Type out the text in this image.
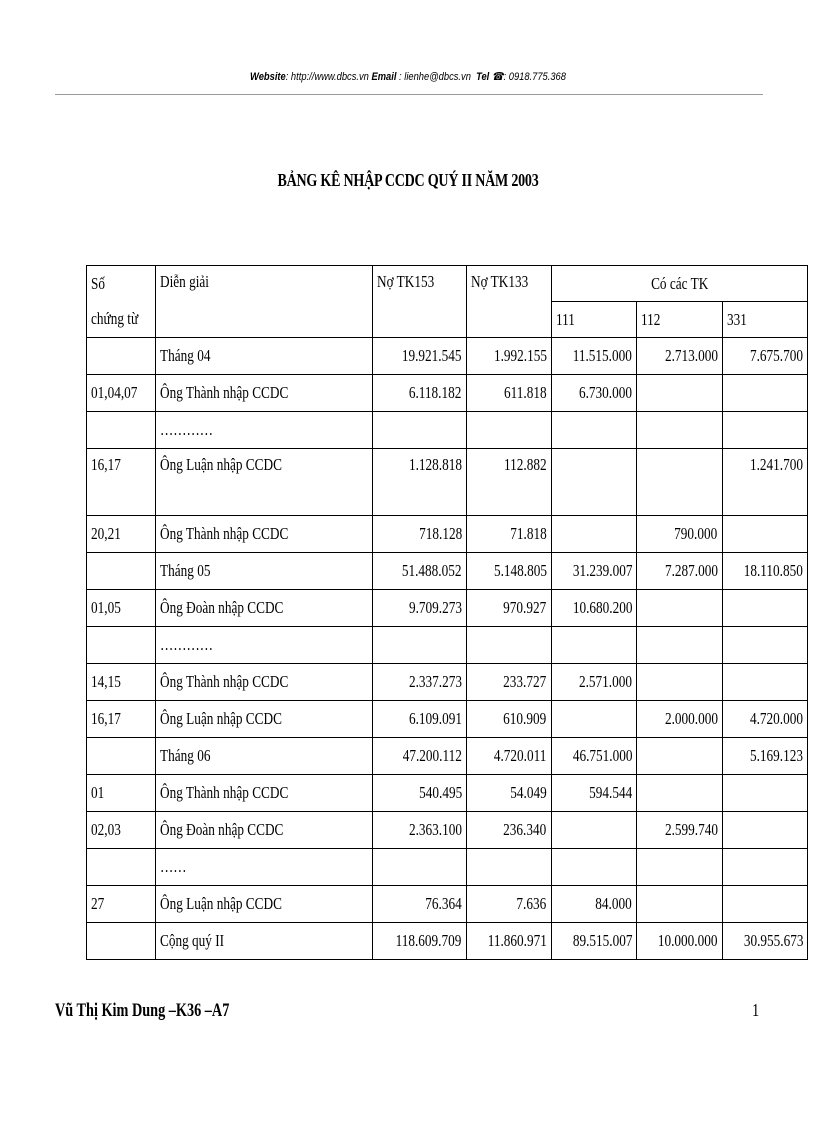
Website: http://www.dbcs.vn Email : lienhe@dbcs.vn Tel ☎: 0918.775.368
BẢNG KÊ NHẬP CCDC QUÝ II NĂM 2003
Số	Diễn giải	Nợ TK153	Nợ TK133	Có các TK		
chứng từ				111	112	331
	Tháng 04	19.921.545	1.992.155	11.515.000	2.713.000	7.675.700
01,04,07	Ông Thành nhập CCDC	6.118.182	611.818	6.730.000		
	…………					
16,17	Ông Luận nhập CCDC	1.128.818	112.882			1.241.700
20,21	Ông Thành nhập CCDC	718.128	71.818		790.000	
	Tháng 05	51.488.052	5.148.805	31.239.007	7.287.000	18.110.850
01,05	Ông Đoàn nhập CCDC	9.709.273	970.927	10.680.200		
	…………					
14,15	Ông Thành nhập CCDC	2.337.273	233.727	2.571.000		
16,17	Ông Luận nhập CCDC	6.109.091	610.909		2.000.000	4.720.000
	Tháng 06	47.200.112	4.720.011	46.751.000		5.169.123
01	Ông Thành nhập CCDC	540.495	54.049	594.544		
02,03	Ông Đoàn nhập CCDC	2.363.100	236.340		2.599.740	
	……					
27	Ông Luận nhập CCDC	76.364	7.636	84.000		
	Cộng quý II	118.609.709	11.860.971	89.515.007	10.000.000	30.955.673
Vũ Thị Kim Dung –K36 –A7	1
